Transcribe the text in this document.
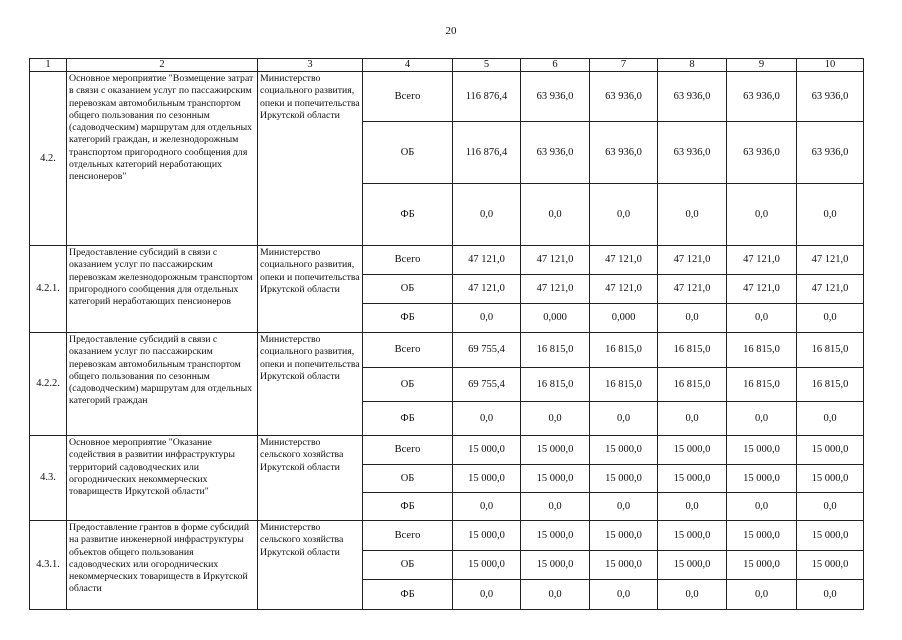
20
1	2	3	4	5	6	7	8	9	10
4.2.	Основное мероприятие "Возмещение затрат в связи с оказанием услуг по пассажирским перевозкам автомобильным транспортом общего пользования по сезонным (садоводческим) маршрутам для отдельных категорий граждан, и железнодорожным транспортом пригородного сообщения для отдельных категорий неработающих пенсионеров"	Министерство социального развития, опеки и попечительства Иркутской области	Всего	116 876,4	63 936,0	63 936,0	63 936,0	63 936,0	63 936,0
			ОБ	116 876,4	63 936,0	63 936,0	63 936,0	63 936,0	63 936,0
			ФБ	0,0	0,0	0,0	0,0	0,0	0,0
4.2.1.	Предоставление субсидий в связи с оказанием услуг по пассажирским перевозкам железнодорожным транспортом пригородного сообщения для отдельных категорий неработающих пенсионеров	Министерство социального развития, опеки и попечительства Иркутской области	Всего	47 121,0	47 121,0	47 121,0	47 121,0	47 121,0	47 121,0
			ОБ	47 121,0	47 121,0	47 121,0	47 121,0	47 121,0	47 121,0
			ФБ	0,0	0,000	0,000	0,0	0,0	0,0
4.2.2.	Предоставление субсидий в связи с оказанием услуг по пассажирским перевозкам автомобильным транспортом общего пользования по сезонным (садоводческим) маршрутам для отдельных категорий граждан	Министерство социального развития, опеки и попечительства Иркутской области	Всего	69 755,4	16 815,0	16 815,0	16 815,0	16 815,0	16 815,0
			ОБ	69 755,4	16 815,0	16 815,0	16 815,0	16 815,0	16 815,0
			ФБ	0,0	0,0	0,0	0,0	0,0	0,0
4.3.	Основное мероприятие "Оказание содействия в развитии инфраструктуры территорий садоводческих или огороднических некоммерческих товариществ Иркутской области"	Министерство сельского хозяйства Иркутской области	Всего	15 000,0	15 000,0	15 000,0	15 000,0	15 000,0	15 000,0
			ОБ	15 000,0	15 000,0	15 000,0	15 000,0	15 000,0	15 000,0
			ФБ	0,0	0,0	0,0	0,0	0,0	0,0
4.3.1.	Предоставление грантов в форме субсидий на развитие инженерной инфраструктуры объектов общего пользования садоводческих или огороднических некоммерческих товариществ в Иркутской области	Министерство сельского хозяйства Иркутской области	Всего	15 000,0	15 000,0	15 000,0	15 000,0	15 000,0	15 000,0
			ОБ	15 000,0	15 000,0	15 000,0	15 000,0	15 000,0	15 000,0
			ФБ	0,0	0,0	0,0	0,0	0,0	0,0
